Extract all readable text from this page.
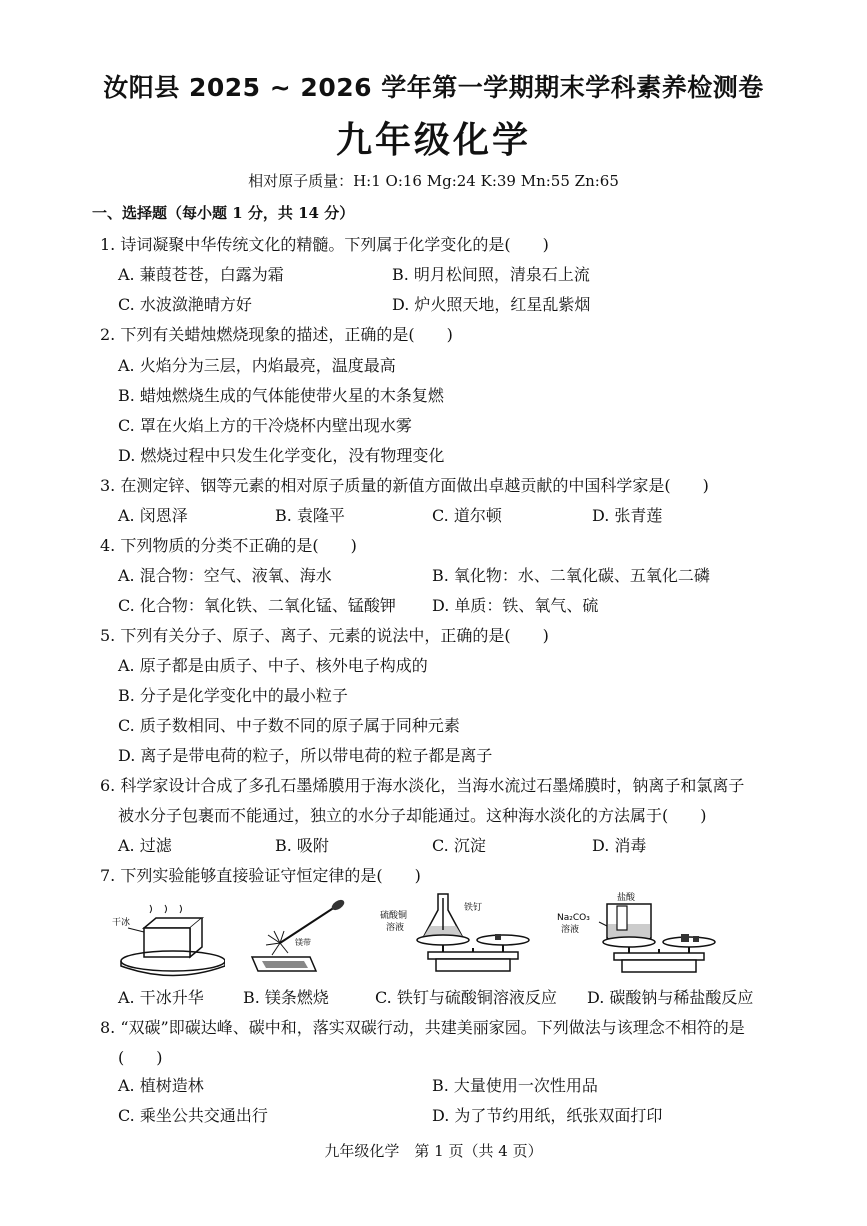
汝阳县 2025 ~ 2026 学年第一学期期末学科素养检测卷
九年级化学
相对原子质量：H:1 O:16 Mg:24 K:39 Mn:55 Zn:65
一、选择题（每小题 1 分，共 14 分）
1. 诗词凝聚中华传统文化的精髓。下列属于化学变化的是(　　)
A. 蒹葭苍苍，白露为霜	B. 明月松间照，清泉石上流
C. 水波潋滟晴方好	D. 炉火照天地，红星乱紫烟
2. 下列有关蜡烛燃烧现象的描述，正确的是(　　)
A. 火焰分为三层，内焰最亮，温度最高
B. 蜡烛燃烧生成的气体能使带火星的木条复燃
C. 罩在火焰上方的干冷烧杯内壁出现水雾
D. 燃烧过程中只发生化学变化，没有物理变化
3. 在测定锌、铟等元素的相对原子质量的新值方面做出卓越贡献的中国科学家是(　　)
A. 闵恩泽	B. 袁隆平	C. 道尔顿	D. 张青莲
4. 下列物质的分类不正确的是(　　)
A. 混合物：空气、液氧、海水	B. 氧化物：水、二氧化碳、五氧化二磷
C. 化合物：氧化铁、二氧化锰、锰酸钾 D. 单质：铁、氧气、硫
5. 下列有关分子、原子、离子、元素的说法中，正确的是(　　)
A. 原子都是由质子、中子、核外电子构成的
B. 分子是化学变化中的最小粒子
C. 质子数相同、中子数不同的原子属于同种元素
D. 离子是带电荷的粒子，所以带电荷的粒子都是离子
6. 科学家设计合成了多孔石墨烯膜用于海水淡化，当海水流过石墨烯膜时，钠离子和氯离子
被水分子包裹而不能通过，独立的水分子却能通过。这种海水淡化的方法属于(　　)
A. 过滤	B. 吸附	C. 沉淀	D. 消毒
7. 下列实验能够直接验证守恒定律的是(　　)
干冰
镁带
硫酸铜
溶液
铁钉
盐酸
Na₂CO₃
溶液
A. 干冰升华 B. 镁条燃烧	C. 铁钉与硫酸铜溶液反应 D. 碳酸钠与稀盐酸反应
8. “双碳”即碳达峰、碳中和，落实双碳行动，共建美丽家园。下列做法与该理念不相符的是
(　　)
A. 植树造林	B. 大量使用一次性用品
C. 乘坐公共交通出行	D. 为了节约用纸，纸张双面打印
九年级化学　第 1 页（共 4 页）
